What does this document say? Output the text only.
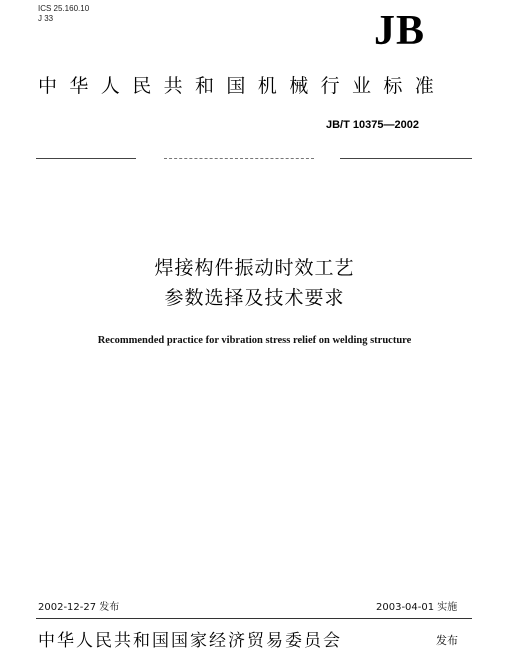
ICS 25.160.10
J 33	JB
中华人民共和国机械行业标准
JB/T 10375—2002
焊接构件振动时效工艺
参数选择及技术要求
Recommended practice for vibration stress relief on welding structure
2002-12-27 发布	2003-04-01 实施
中华人民共和国国家经济贸易委员会	发布
